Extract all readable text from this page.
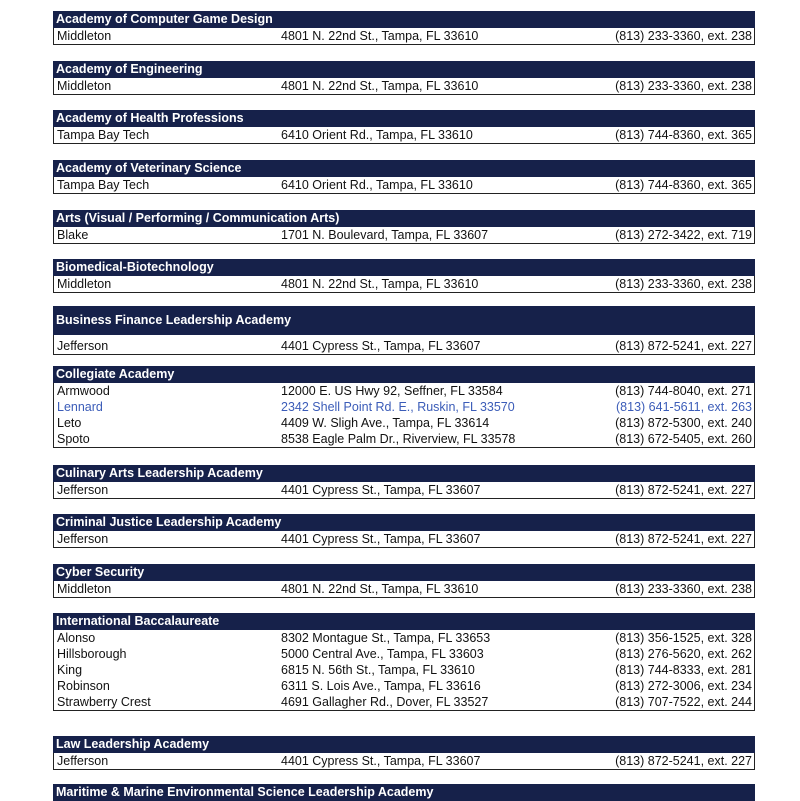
Academy of Computer Game Design
Middleton	4801 N. 22nd St., Tampa, FL 33610	(813) 233-3360, ext. 238
Academy of Engineering
Middleton	4801 N. 22nd St., Tampa, FL 33610	(813) 233-3360, ext. 238
Academy of Health Professions
Tampa Bay Tech	6410 Orient Rd., Tampa, FL 33610	(813) 744-8360, ext. 365
Academy of Veterinary Science
Tampa Bay Tech	6410 Orient Rd., Tampa, FL 33610	(813) 744-8360, ext. 365
Arts (Visual / Performing / Communication Arts)
Blake	1701 N. Boulevard, Tampa, FL 33607	(813) 272-3422, ext. 719
Biomedical-Biotechnology
Middleton	4801 N. 22nd St., Tampa, FL 33610	(813) 233-3360, ext. 238
Business Finance Leadership Academy
Jefferson	4401 Cypress St., Tampa, FL 33607	(813) 872-5241, ext. 227
Collegiate Academy
Armwood	12000 E. US Hwy 92, Seffner, FL 33584	(813) 744-8040, ext. 271
Lennard	2342 Shell Point Rd. E., Ruskin, FL 33570	(813) 641-5611, ext. 263
Leto	4409 W. Sligh Ave., Tampa, FL 33614	(813) 872-5300, ext. 240
Spoto	8538 Eagle Palm Dr., Riverview, FL 33578	(813) 672-5405, ext. 260
Culinary Arts Leadership Academy
Jefferson	4401 Cypress St., Tampa, FL 33607	(813) 872-5241, ext. 227
Criminal Justice Leadership Academy
Jefferson	4401 Cypress St., Tampa, FL 33607	(813) 872-5241, ext. 227
Cyber Security
Middleton	4801 N. 22nd St., Tampa, FL 33610	(813) 233-3360, ext. 238
International Baccalaureate
Alonso	8302 Montague St., Tampa, FL 33653	(813) 356-1525, ext. 328
Hillsborough	5000 Central Ave., Tampa, FL 33603	(813) 276-5620, ext. 262
King	6815 N. 56th St., Tampa, FL 33610	(813) 744-8333, ext. 281
Robinson	6311 S. Lois Ave., Tampa, FL 33616	(813) 272-3006, ext. 234
Strawberry Crest	4691 Gallagher Rd., Dover, FL 33527	(813) 707-7522, ext. 244
Law Leadership Academy
Jefferson	4401 Cypress St., Tampa, FL 33607	(813) 872-5241, ext. 227
Maritime & Marine Environmental Science Leadership Academy
